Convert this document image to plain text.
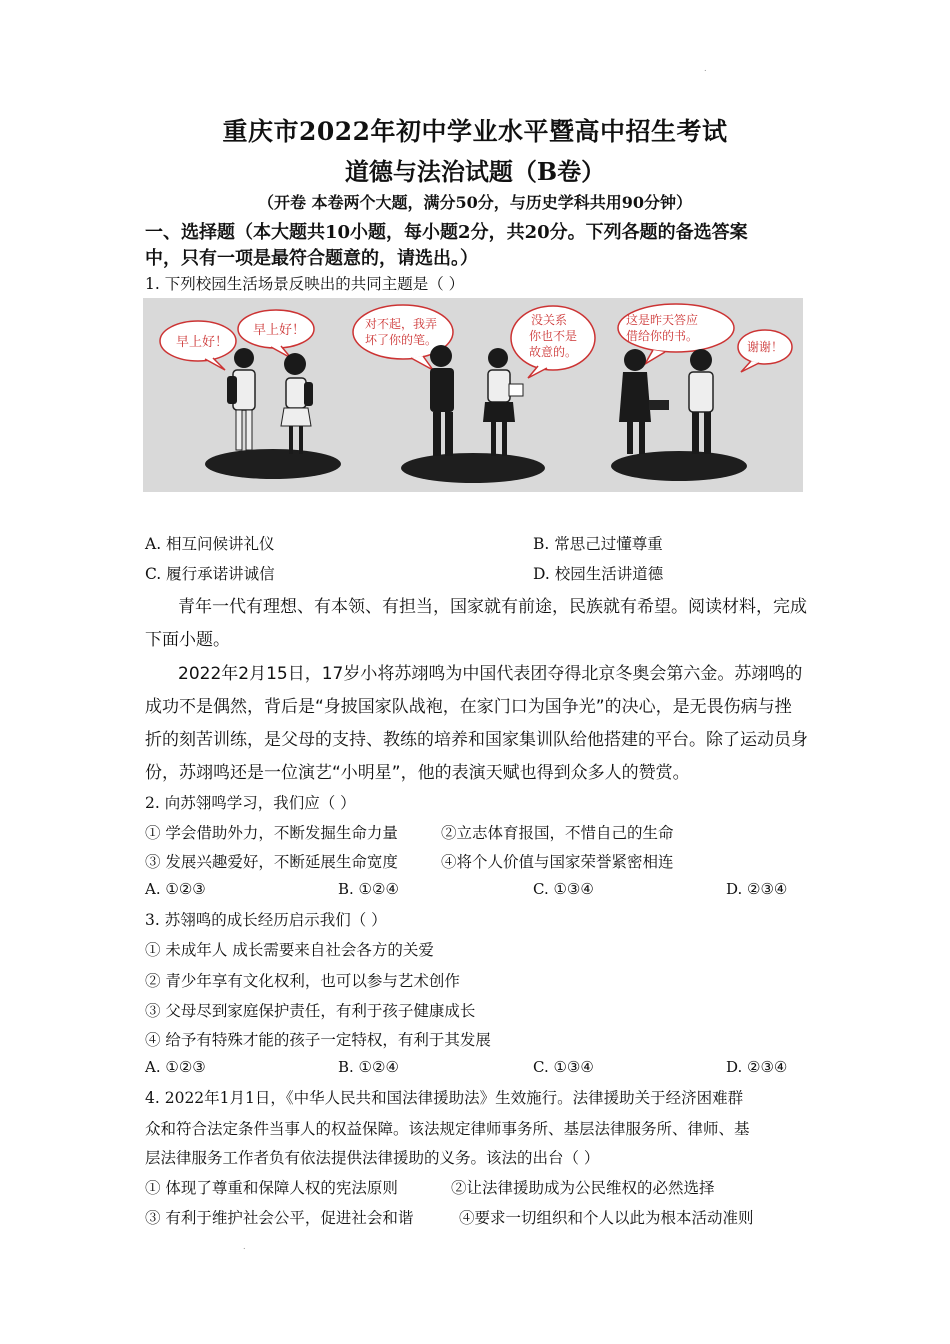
重庆市2022年初中学业水平暨高中招生考试
道德与法治试题（B卷）
（开卷 本卷两个大题，满分50分，与历史学科共用90分钟）
一、选择题（本大题共10小题，每小题2分，共20分。下列各题的备选答案
中，只有一项是最符合题意的，请选出。）
1. 下列校园生活场景反映出的共同主题是（ ）
早上好！
早上好！	对不起，我弄
坏了你的笔。
没关系
你也不是
故意的。
这是昨天答应
借给你的书。
谢谢！
A. 相互问候讲礼仪	B. 常思己过懂尊重
C. 履行承诺讲诚信	D. 校园生活讲道德
青年一代有理想、有本领、有担当，国家就有前途，民族就有希望。阅读材料，完成
下面小题。
2022年2月15日，17岁小将苏翊鸣为中国代表团夺得北京冬奥会第六金。苏翊鸣的
成功不是偶然，背后是“身披国家队战袍，在家门口为国争光”的决心，是无畏伤病与挫
折的刻苦训练，是父母的支持、教练的培养和国家集训队给他搭建的平台。除了运动员身
份，苏翊鸣还是一位演艺“小明星”，他的表演天赋也得到众多人的赞赏。
2. 向苏翎鸣学习，我们应（ ）
① 学会借助外力，不断发掘生命力量	②立志体育报国，不惜自己的生命
③ 发展兴趣爱好，不断延展生命宽度	④将个人价值与国家荣誉紧密相连
A. ①②③	B. ①②④	C. ①③④	D. ②③④
3. 苏翎鸣的成长经历启示我们（ ）
① 未成年人 成长需要来自社会各方的关爱
② 青少年享有文化权利，也可以参与艺术创作
③ 父母尽到家庭保护责任，有利于孩子健康成长
④ 给予有特殊才能的孩子一定特权，有利于其发展
A. ①②③	B. ①②④	C. ①③④	D. ②③④
4. 2022年1月1日，《中华人民共和国法律援助法》生效施行。法律援助关于经济困难群
众和符合法定条件当事人的权益保障。该法规定律师事务所、基层法律服务所、律师、基
层法律服务工作者负有依法提供法律援助的义务。该法的出台（ ）
① 体现了尊重和保障人权的宪法原则	②让法律援助成为公民维权的必然选择
③ 有利于维护社会公平，促进社会和谐	④要求一切组织和个人以此为根本活动准则
.
.
